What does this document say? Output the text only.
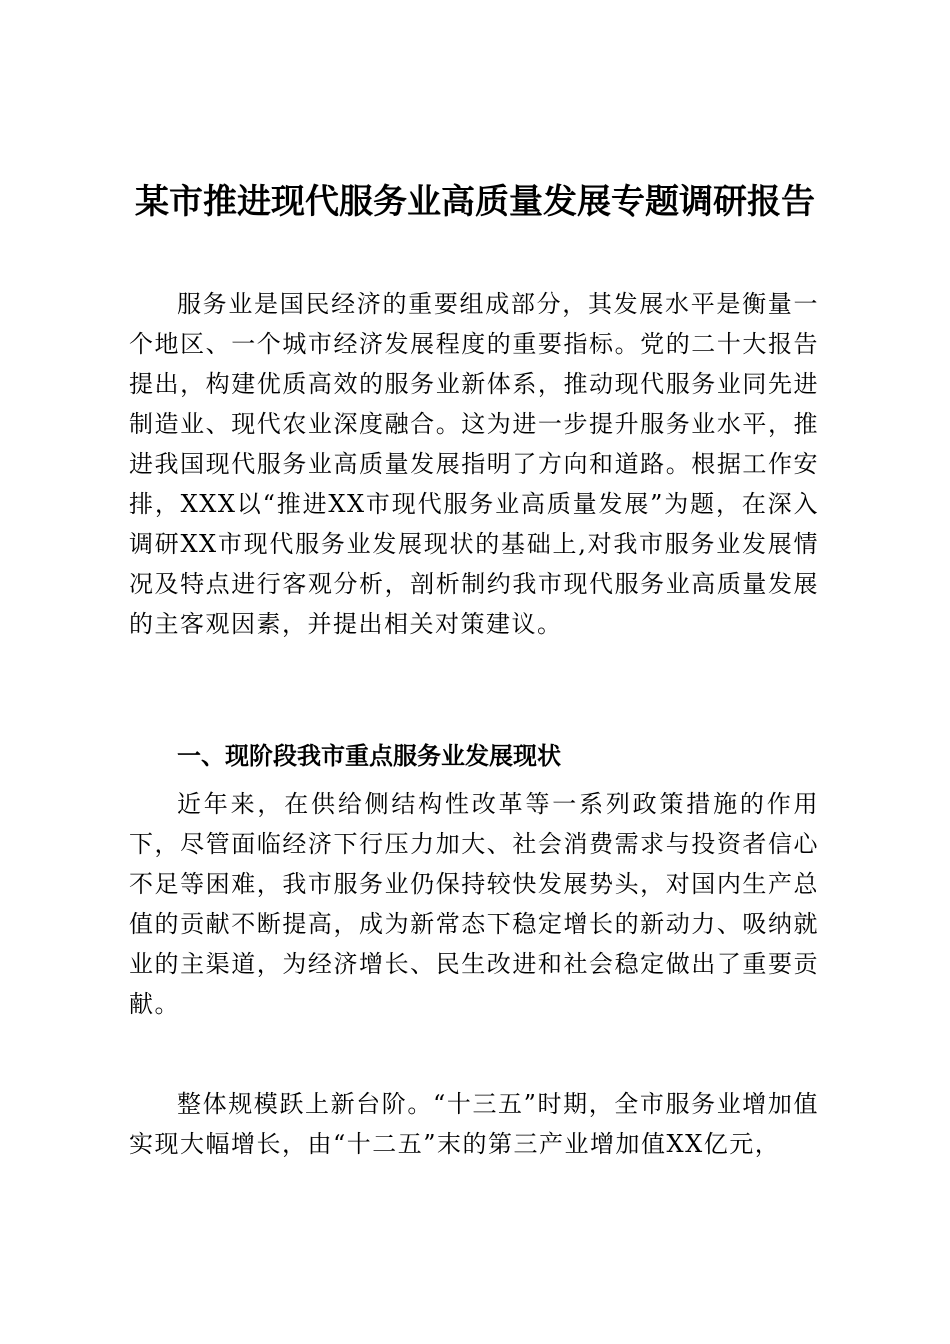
某市推进现代服务业高质量发展专题调研报告

服务业是国民经济的重要组成部分，其发展水平是衡量一个地区、一个城市经济发展程度的重要指标。党的二十大报告提出，构建优质高效的服务业新体系，推动现代服务业同先进制造业、现代农业深度融合。这为进一步提升服务业水平，推进我国现代服务业高质量发展指明了方向和道路。根据工作安排，XXX以“推进XX市现代服务业高质量发展”为题，在深入调研XX市现代服务业发展现状的基础上,对我市服务业发展情况及特点进行客观分析，剖析制约我市现代服务业高质量发展的主客观因素，并提出相关对策建议。

一、现阶段我市重点服务业发展现状

近年来，在供给侧结构性改革等一系列政策措施的作用下，尽管面临经济下行压力加大、社会消费需求与投资者信心不足等困难，我市服务业仍保持较快发展势头，对国内生产总值的贡献不断提高，成为新常态下稳定增长的新动力、吸纳就业的主渠道，为经济增长、民生改进和社会稳定做出了重要贡献。

整体规模跃上新台阶。“十三五”时期，全市服务业增加值实现大幅增长，由“十二五”末的第三产业增加值XX亿元，
